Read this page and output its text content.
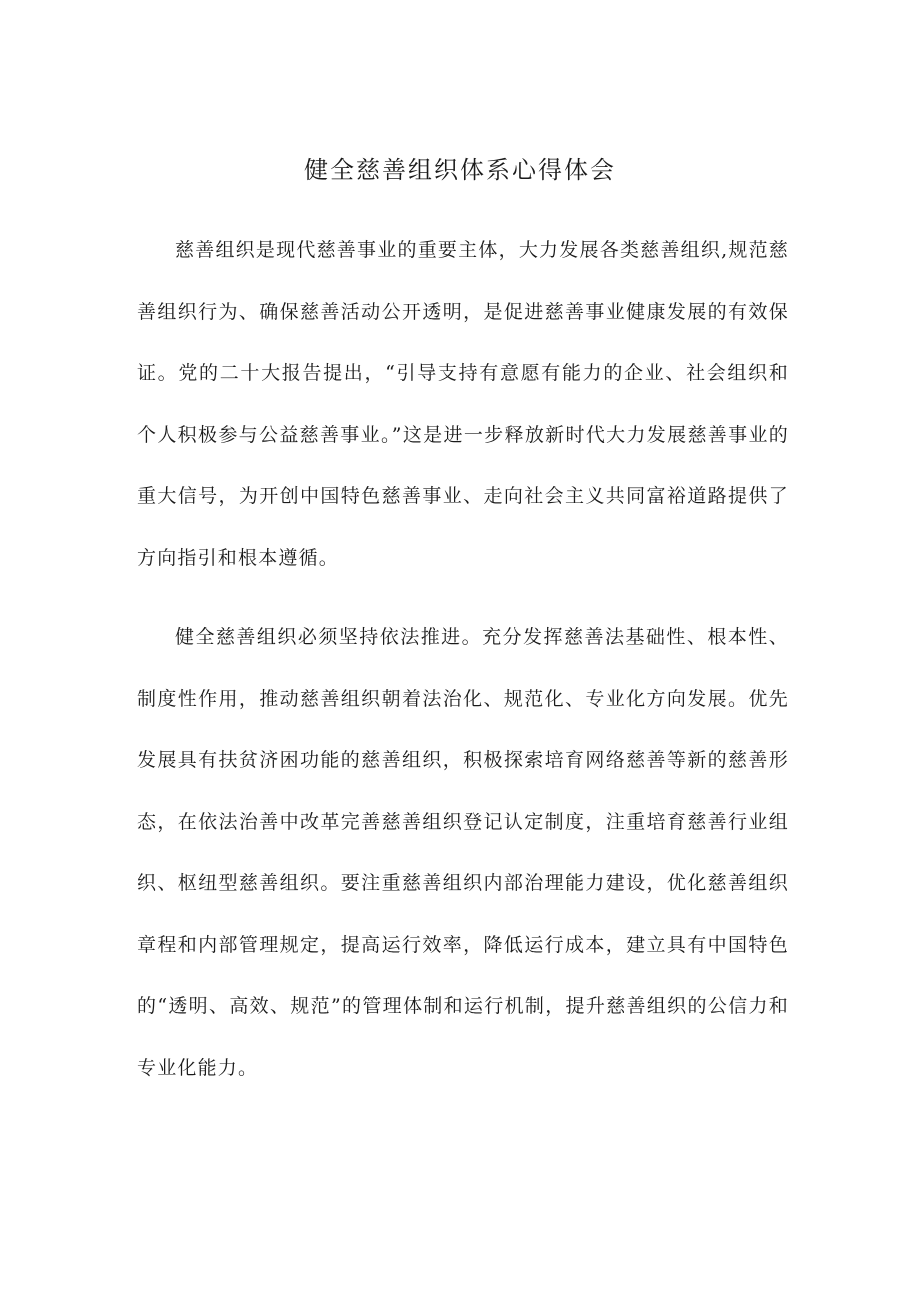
健全慈善组织体系心得体会

慈善组织是现代慈善事业的重要主体，大力发展各类慈善组织,规范慈善组织行为、确保慈善活动公开透明，是促进慈善事业健康发展的有效保证。党的二十大报告提出，“引导支持有意愿有能力的企业、社会组织和个人积极参与公益慈善事业。”这是进一步释放新时代大力发展慈善事业的重大信号，为开创中国特色慈善事业、走向社会主义共同富裕道路提供了方向指引和根本遵循。

健全慈善组织必须坚持依法推进。充分发挥慈善法基础性、根本性、制度性作用，推动慈善组织朝着法治化、规范化、专业化方向发展。优先发展具有扶贫济困功能的慈善组织，积极探索培育网络慈善等新的慈善形态，在依法治善中改革完善慈善组织登记认定制度，注重培育慈善行业组织、枢纽型慈善组织。要注重慈善组织内部治理能力建设，优化慈善组织章程和内部管理规定，提高运行效率，降低运行成本，建立具有中国特色的“透明、高效、规范”的管理体制和运行机制，提升慈善组织的公信力和专业化能力。
